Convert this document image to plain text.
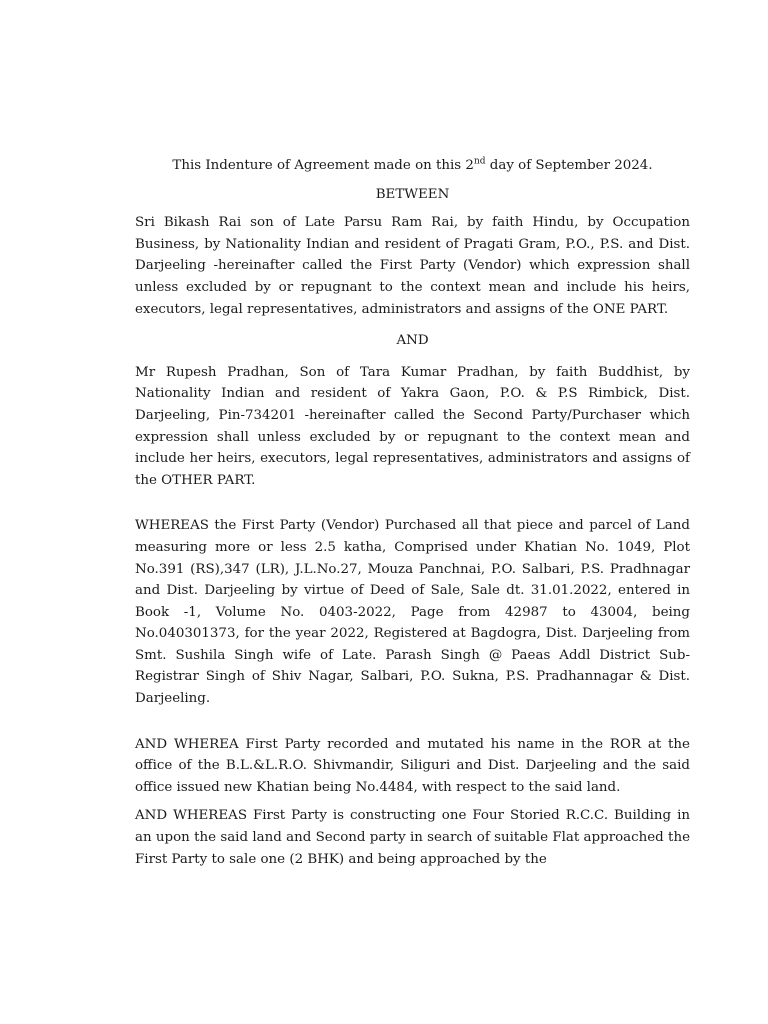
This Indenture of Agreement made on this 2nd day of September 2024.

BETWEEN

Sri Bikash Rai son of Late Parsu Ram Rai, by faith Hindu, by Occupation Business, by Nationality Indian and resident of Pragati Gram, P.O., P.S. and Dist. Darjeeling -hereinafter called the First Party (Vendor) which expression shall unless excluded by or repugnant to the context mean and include his heirs, executors, legal representatives, administrators and assigns of the ONE PART.

AND

Mr Rupesh Pradhan, Son of Tara Kumar Pradhan, by faith Buddhist, by Nationality Indian and resident of Yakra Gaon, P.O. & P.S Rimbick, Dist. Darjeeling, Pin-734201 -hereinafter called the Second Party/Purchaser which expression shall unless excluded by or repugnant to the context mean and include her heirs, executors, legal representatives, administrators and assigns of the OTHER PART.

WHEREAS the First Party (Vendor) Purchased all that piece and parcel of Land measuring more or less 2.5 katha, Comprised under Khatian No. 1049, Plot No.391 (RS),347 (LR), J.L.No.27, Mouza Panchnai, P.O. Salbari, P.S. Pradhnagar and Dist. Darjeeling by virtue of Deed of Sale, Sale dt. 31.01.2022, entered in Book -1, Volume No. 0403-2022, Page from 42987 to 43004, being No.040301373, for the year 2022, Registered at Bagdogra, Dist. Darjeeling from Smt. Sushila Singh wife of Late. Parash Singh @ Paeas Addl District Sub- Registrar Singh of Shiv Nagar, Salbari, P.O. Sukna, P.S. Pradhannagar & Dist. Darjeeling.

AND WHEREA First Party recorded and mutated his name in the ROR at the office of the B.L.&L.R.O. Shivmandir, Siliguri and Dist. Darjeeling and the said office issued new Khatian being No.4484, with respect to the said land.

AND WHEREAS First Party is constructing one Four Storied R.C.C. Building in an upon the said land and Second party in search of suitable Flat approached the First Party to sale one (2 BHK) and being approached by the
